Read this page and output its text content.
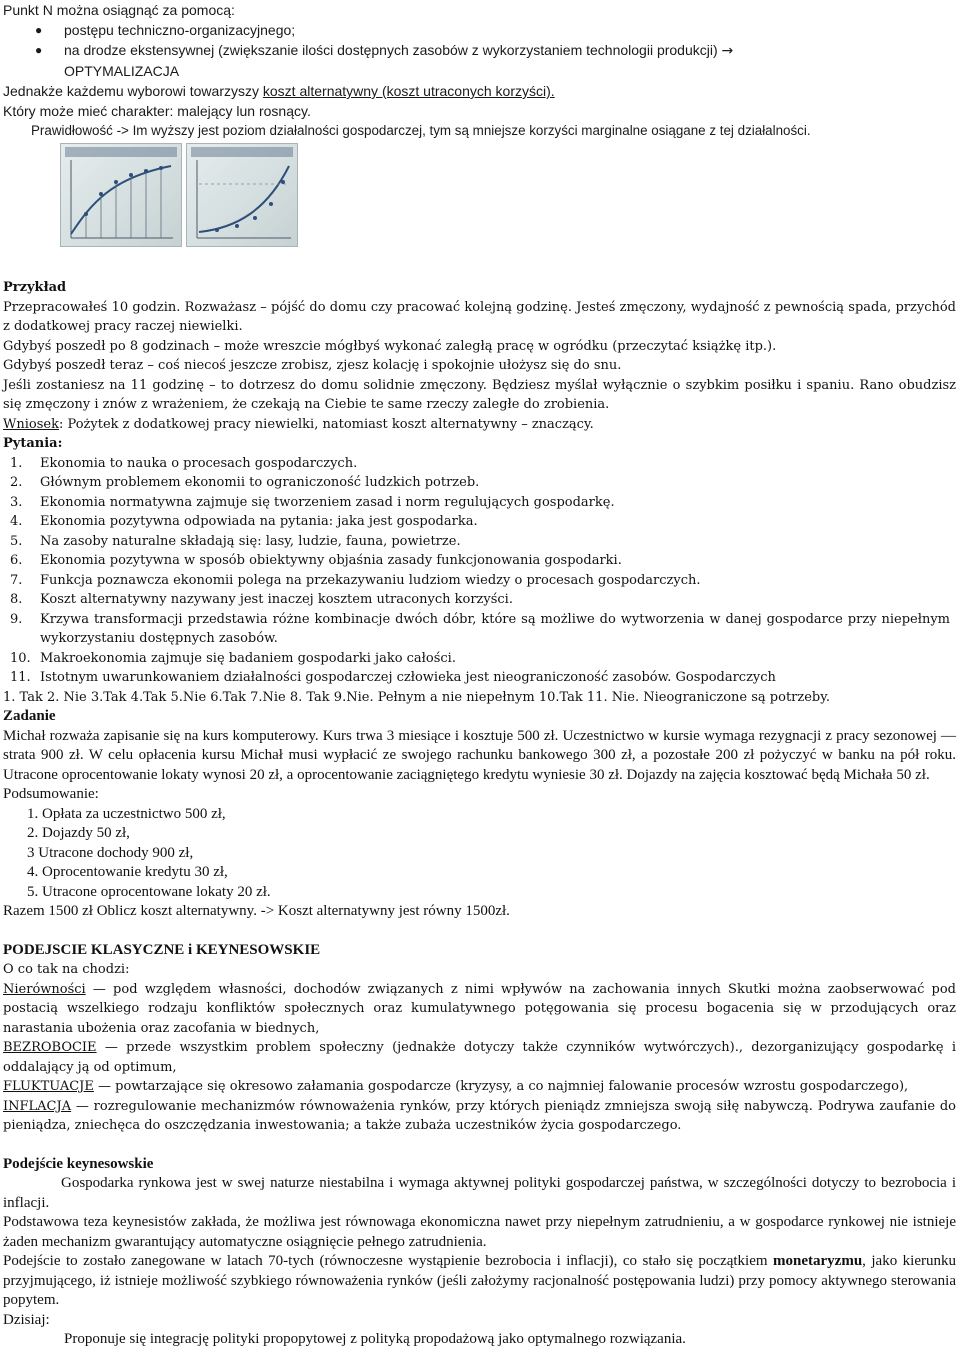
Punkt N można osiągnąć za pomocą:

● postępu techniczno-organizacyjnego;
● na drodze ekstensywnej (zwiększanie ilości dostępnych zasobów z wykorzystaniem technologii produkcji) →
OPTYMALIZACJA

Jednakże każdemu wyborowi towarzyszy koszt alternatywny (koszt utraconych korzyści).

Który może mieć charakter: malejący lun rosnący.

Prawidłowość -> Im wyższy jest poziom działalności gospodarczej, tym są mniejsze korzyści marginalne osiągane z tej działalności.

Przykład

Przepracowałeś 10 godzin. Rozważasz – pójść do domu czy pracować kolejną godzinę. Jesteś zmęczony, wydajność z pewnością spada, przychód z dodatkowej pracy raczej niewielki.

Gdybyś poszedł po 8 godzinach – może wreszcie mógłbyś wykonać zaległą pracę w ogródku (przeczytać książkę itp.).

Gdybyś poszedł teraz – coś niecoś jeszcze zrobisz, zjesz kolację i spokojnie ułożysz się do snu.

Jeśli zostaniesz na 11 godzinę – to dotrzesz do domu solidnie zmęczony. Będziesz myślał wyłącznie o szybkim posiłku i spaniu. Rano obudzisz się zmęczony i znów z wrażeniem, że czekają na Ciebie te same rzeczy zaległe do zrobienia.

Wniosek: Pożytek z dodatkowej pracy niewielki, natomiast koszt alternatywny – znaczący.

Pytania:

1. Ekonomia to nauka o procesach gospodarczych.
2. Głównym problemem ekonomii to ograniczoność ludzkich potrzeb.
3. Ekonomia normatywna zajmuje się tworzeniem zasad i norm regulujących gospodarkę.
4. Ekonomia pozytywna odpowiada na pytania: jaka jest gospodarka.
5. Na zasoby naturalne składają się: lasy, ludzie, fauna, powietrze.
6. Ekonomia pozytywna w sposób obiektywny objaśnia zasady funkcjonowania gospodarki.
7. Funkcja poznawcza ekonomii polega na przekazywaniu ludziom wiedzy o procesach gospodarczych.
8. Koszt alternatywny nazywany jest inaczej kosztem utraconych korzyści.
9. Krzywa transformacji przedstawia różne kombinacje dwóch dóbr, które są możliwe do wytworzenia w danej gospodarce przy niepełnym wykorzystaniu dostępnych zasobów.
10. Makroekonomia zajmuje się badaniem gospodarki jako całości.
11. Istotnym uwarunkowaniem działalności gospodarczej człowieka jest nieograniczoność zasobów. Gospodarczych

1. Tak 2. Nie 3.Tak 4.Tak 5.Nie 6.Tak 7.Nie 8. Tak 9.Nie. Pełnym a nie niepełnym 10.Tak 11. Nie. Nieograniczone są potrzeby.

Zadanie

Michał rozważa zapisanie się na kurs komputerowy. Kurs trwa 3 miesiące i kosztuje 500 zł. Uczestnictwo w kursie wymaga rezygnacji z pracy sezonowej — strata 900 zł. W celu opłacenia kursu Michał musi wypłacić ze swojego rachunku bankowego 300 zł, a pozostałe 200 zł pożyczyć w banku na pół roku. Utracone oprocentowanie lokaty wynosi 20 zł, a oprocentowanie zaciągniętego kredytu wyniesie 30 zł. Dojazdy na zajęcia kosztować będą Michała 50 zł.

Podsumowanie:

1. Opłata za uczestnictwo 500 zł,
2. Dojazdy 50 zł,
3 Utracone dochody 900 zł,
4. Oprocentowanie kredytu 30 zł,
5. Utracone oprocentowane lokaty 20 zł.

Razem 1500 zł Oblicz koszt alternatywny. -> Koszt alternatywny jest równy 1500zł.

PODEJSCIE KLASYCZNE i KEYNESOWSKIE

O co tak na chodzi:

Nierówności — pod względem własności, dochodów związanych z nimi wpływów na zachowania innych Skutki można zaobserwować pod postacią wszelkiego rodzaju konfliktów społecznych oraz kumulatywnego potęgowania się procesu bogacenia się w przodujących oraz narastania ubożenia oraz zacofania w biednych,

BEZROBOCIE — przede wszystkim problem społeczny (jednakże dotyczy także czynników wytwórczych)., dezorganizujący gospodarkę i oddalający ją od optimum,

FLUKTUACJE — powtarzające się okresowo załamania gospodarcze (kryzysy, a co najmniej falowanie procesów wzrostu gospodarczego),

INFLACJA — rozregulowanie mechanizmów równoważenia rynków, przy których pieniądz zmniejsza swoją siłę nabywczą. Podrywa zaufanie do pieniądza, zniechęca do oszczędzania inwestowania; a także zubaża uczestników życia gospodarczego.

Podejście keynesowskie

Gospodarka rynkowa jest w swej naturze niestabilna i wymaga aktywnej polityki gospodarczej państwa, w szczególności dotyczy to bezrobocia i inflacji.

Podstawowa teza keynesistów zakłada, że możliwa jest równowaga ekonomiczna nawet przy niepełnym zatrudnieniu, a w gospodarce rynkowej nie istnieje żaden mechanizm gwarantujący automatyczne osiągnięcie pełnego zatrudnienia.

Podejście to zostało zanegowane w latach 70-tych (równoczesne wystąpienie bezrobocia i inflacji), co stało się początkiem monetaryzmu, jako kierunku przyjmującego, iż istnieje możliwość szybkiego równoważenia rynków (jeśli założymy racjonalność postępowania ludzi) przy pomocy aktywnego sterowania popytem.

Dzisiaj:

Proponuje się integrację polityki propopytowej z polityką propodażową jako optymalnego rozwiązania.
